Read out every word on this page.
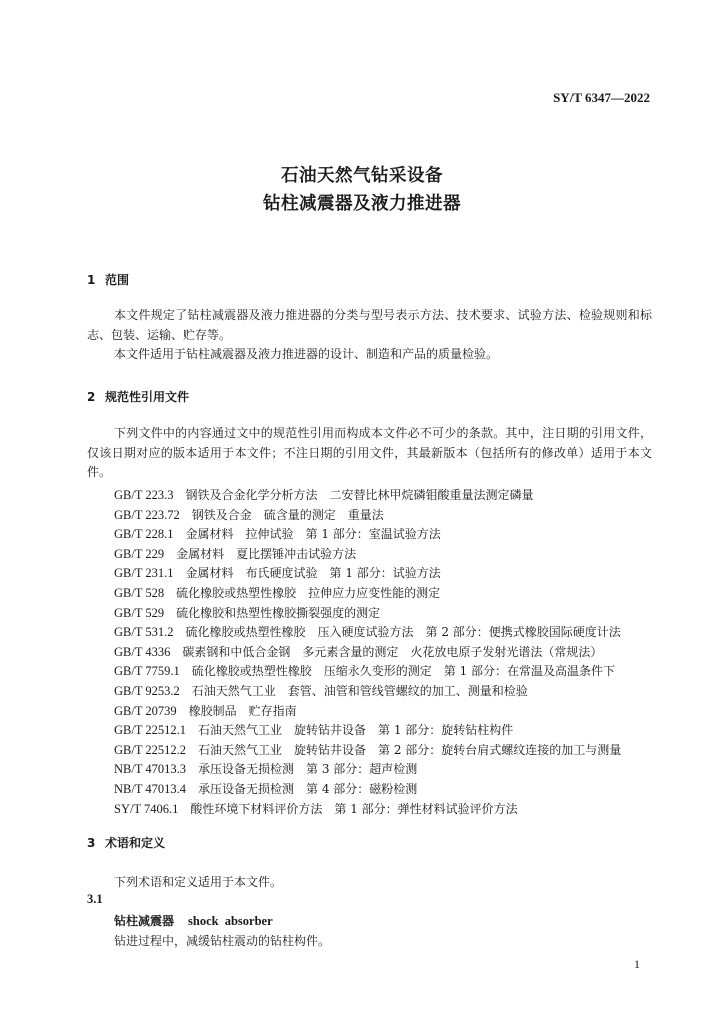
SY/T 6347—2022
石油天然气钻采设备
钻柱减震器及液力推进器
1 范围
本文件规定了钻柱减震器及液力推进器的分类与型号表示方法、技术要求、试验方法、检验规则和标志、包装、运输、贮存等。
本文件适用于钻柱减震器及液力推进器的设计、制造和产品的质量检验。
2 规范性引用文件
下列文件中的内容通过文中的规范性引用而构成本文件必不可少的条款。其中，注日期的引用文件，仅该日期对应的版本适用于本文件；不注日期的引用文件，其最新版本（包括所有的修改单）适用于本文件。
GB/T 223.3　 钢铁及合金化学分析方法　二安替比林甲烷磷钼酸重量法测定磷量
GB/T 223.72　 钢铁及合金　硫含量的测定　重量法
GB/T 228.1　 金属材料　拉伸试验　第 1 部分：室温试验方法
GB/T 229　 金属材料　夏比摆锤冲击试验方法
GB/T 231.1　 金属材料　布氏硬度试验　第 1 部分：试验方法
GB/T 528　 硫化橡胶或热塑性橡胶　拉伸应力应变性能的测定
GB/T 529　 硫化橡胶和热塑性橡胶撕裂强度的测定
GB/T 531.2　 硫化橡胶或热塑性橡胶　压入硬度试验方法　第 2 部分：便携式橡胶国际硬度计法
GB/T 4336　 碳素钢和中低合金钢　多元素含量的测定　火花放电原子发射光谱法（常规法）
GB/T 7759.1　 硫化橡胶或热塑性橡胶　压缩永久变形的测定　第 1 部分：在常温及高温条件下
GB/T 9253.2　 石油天然气工业　套管、油管和管线管螺纹的加工、测量和检验
GB/T 20739　 橡胶制品　贮存指南
GB/T 22512.1　 石油天然气工业　旋转钻井设备　第 1 部分：旋转钻柱构件
GB/T 22512.2　 石油天然气工业　旋转钻井设备　第 2 部分：旋转台肩式螺纹连接的加工与测量
NB/T 47013.3　 承压设备无损检测　第 3 部分：超声检测
NB/T 47013.4　 承压设备无损检测　第 4 部分：磁粉检测
SY/T 7406.1　 酸性环境下材料评价方法　第 1 部分：弹性材料试验评价方法
3 术语和定义
下列术语和定义适用于本文件。
3.1
钻柱减震器 shock absorber
钻进过程中，减缓钻柱震动的钻柱构件。
1
